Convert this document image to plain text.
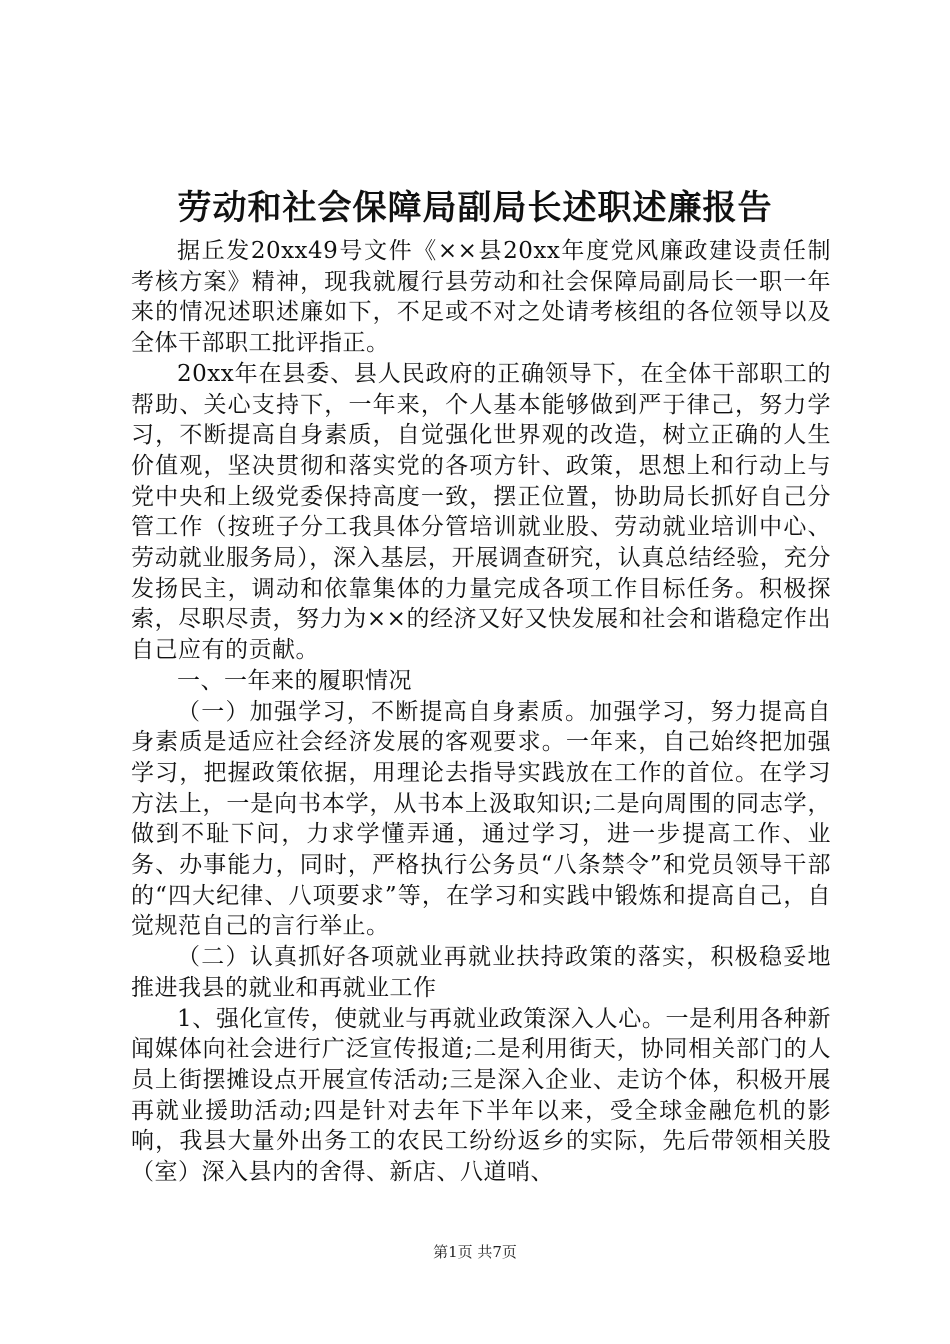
劳动和社会保障局副局长述职述廉报告

据丘发20xx49号文件《××县20xx年度党风廉政建设责任制考核方案》精神，现我就履行县劳动和社会保障局副局长一职一年来的情况述职述廉如下，不足或不对之处请考核组的各位领导以及全体干部职工批评指正。

20xx年在县委、县人民政府的正确领导下，在全体干部职工的帮助、关心支持下，一年来，个人基本能够做到严于律己，努力学习，不断提高自身素质，自觉强化世界观的改造，树立正确的人生价值观，坚决贯彻和落实党的各项方针、政策，思想上和行动上与党中央和上级党委保持高度一致，摆正位置，协助局长抓好自己分管工作（按班子分工我具体分管培训就业股、劳动就业培训中心、劳动就业服务局），深入基层，开展调查研究，认真总结经验，充分发扬民主，调动和依靠集体的力量完成各项工作目标任务。积极探索，尽职尽责，努力为××的经济又好又快发展和社会和谐稳定作出自己应有的贡献。

一、一年来的履职情况

（一）加强学习，不断提高自身素质。加强学习，努力提高自身素质是适应社会经济发展的客观要求。一年来，自己始终把加强学习，把握政策依据，用理论去指导实践放在工作的首位。在学习方法上，一是向书本学，从书本上汲取知识;二是向周围的同志学，做到不耻下问，力求学懂弄通，通过学习，进一步提高工作、业务、办事能力，同时，严格执行公务员“八条禁令”和党员领导干部的“四大纪律、八项要求”等，在学习和实践中锻炼和提高自己，自觉规范自己的言行举止。

（二）认真抓好各项就业再就业扶持政策的落实，积极稳妥地推进我县的就业和再就业工作

1、强化宣传，使就业与再就业政策深入人心。一是利用各种新闻媒体向社会进行广泛宣传报道;二是利用街天，协同相关部门的人员上街摆摊设点开展宣传活动;三是深入企业、走访个体，积极开展再就业援助活动;四是针对去年下半年以来，受全球金融危机的影响，我县大量外出务工的农民工纷纷返乡的实际，先后带领相关股（室）深入县内的舍得、新店、八道哨、

第1页 共7页
